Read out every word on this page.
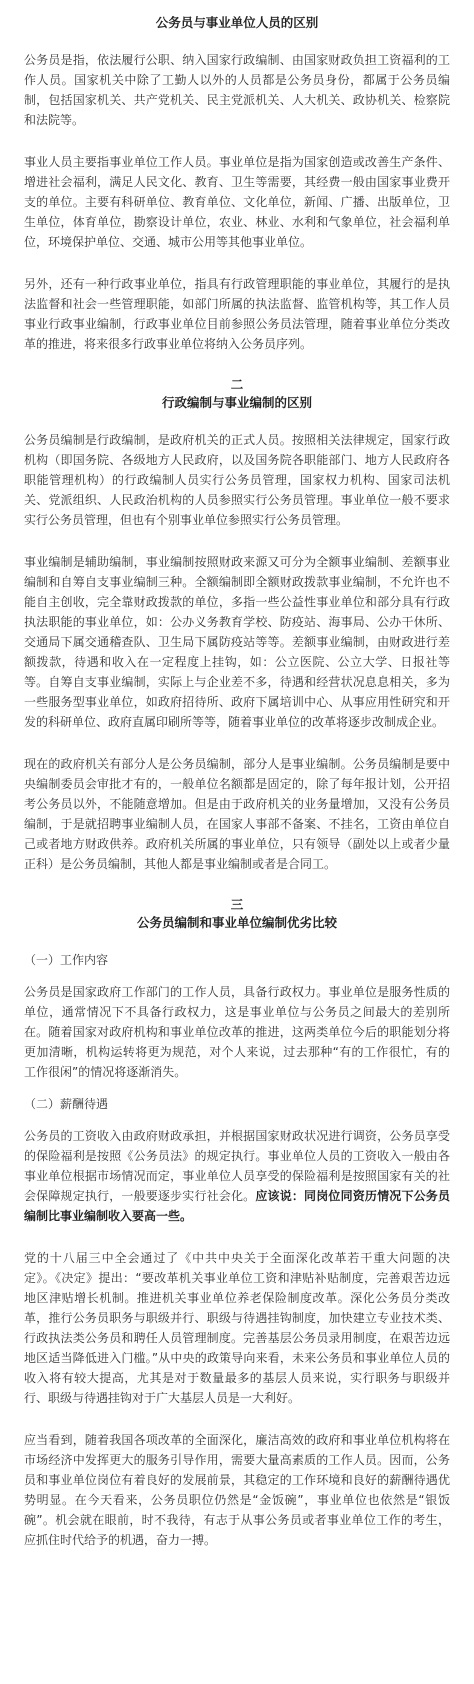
公务员与事业单位人员的区别

公务员是指，依法履行公职、纳入国家行政编制、由国家财政负担工资福利的工作人员。国家机关中除了工勤人以外的人员都是公务员身份，都属于公务员编制，包括国家机关、共产党机关、民主党派机关、人大机关、政协机关、检察院和法院等。

事业人员主要指事业单位工作人员。事业单位是指为国家创造或改善生产条件、增进社会福利，满足人民文化、教育、卫生等需要，其经费一般由国家事业费开支的单位。主要有科研单位、教育单位、文化单位，新闻、广播、出版单位，卫生单位，体育单位，勘察设计单位，农业、林业、水利和气象单位，社会福利单位，环境保护单位、交通、城市公用等其他事业单位。

另外，还有一种行政事业单位，指具有行政管理职能的事业单位，其履行的是执法监督和社会一些管理职能，如部门所属的执法监督、监管机构等，其工作人员事业行政事业编制，行政事业单位目前参照公务员法管理，随着事业单位分类改革的推进，将来很多行政事业单位将纳入公务员序列。

二
行政编制与事业编制的区别

公务员编制是行政编制，是政府机关的正式人员。按照相关法律规定，国家行政机构（即国务院、各级地方人民政府，以及国务院各职能部门、地方人民政府各职能管理机构）的行政编制人员实行公务员管理，国家权力机构、国家司法机关、党派组织、人民政治机构的人员参照实行公务员管理。事业单位一般不要求实行公务员管理，但也有个别事业单位参照实行公务员管理。

事业编制是辅助编制，事业编制按照财政来源又可分为全额事业编制、差额事业编制和自筹自支事业编制三种。全额编制即全额财政拨款事业编制，不允许也不能自主创收，完全靠财政拨款的单位，多指一些公益性事业单位和部分具有行政执法职能的事业单位，如：公办义务教育学校、防疫站、海事局、公办干休所、交通局下属交通稽查队、卫生局下属防疫站等等。差额事业编制，由财政进行差额拨款，待遇和收入在一定程度上挂钩，如：公立医院、公立大学、日报社等等。自筹自支事业编制，实际上与企业差不多，待遇和经营状况息息相关，多为一些服务型事业单位，如政府招待所、政府下属培训中心、从事应用性研究和开发的科研单位、政府直属印刷所等等，随着事业单位的改革将逐步改制成企业。

现在的政府机关有部分人是公务员编制，部分人是事业编制。公务员编制是要中央编制委员会审批才有的，一般单位名额都是固定的，除了每年报计划，公开招考公务员以外，不能随意增加。但是由于政府机关的业务量增加，又没有公务员编制，于是就招聘事业编制人员，在国家人事部不备案、不挂名，工资由单位自己或者地方财政供养。政府机关所属的事业单位，只有领导（副处以上或者少量正科）是公务员编制，其他人都是事业编制或者是合同工。

三
公务员编制和事业单位编制优劣比较
（一）工作内容

公务员是国家政府工作部门的工作人员，具备行政权力。事业单位是服务性质的单位，通常情况下不具备行政权力，这是事业单位与公务员之间最大的差别所在。随着国家对政府机构和事业单位改革的推进，这两类单位今后的职能划分将更加清晰，机构运转将更为规范，对个人来说，过去那种“有的工作很忙，有的工作很闲”的情况将逐渐消失。

（二）薪酬待遇

公务员的工资收入由政府财政承担，并根据国家财政状况进行调资，公务员享受的保险福利是按照《公务员法》的规定执行。事业单位人员的工资收入一般由各事业单位根据市场情况而定，事业单位人员享受的保险福利是按照国家有关的社会保障规定执行，一般要逐步实行社会化。应该说：同岗位同资历情况下公务员编制比事业编制收入要高一些。

党的十八届三中全会通过了《中共中央关于全面深化改革若干重大问题的决定》。《决定》提出：“要改革机关事业单位工资和津贴补贴制度，完善艰苦边远地区津贴增长机制。推进机关事业单位养老保险制度改革。深化公务员分类改革，推行公务员职务与职级并行、职级与待遇挂钩制度，加快建立专业技术类、行政执法类公务员和聘任人员管理制度。完善基层公务员录用制度，在艰苦边远地区适当降低进入门槛。”从中央的政策导向来看，未来公务员和事业单位人员的收入将有较大提高，尤其是对于数量最多的基层人员来说，实行职务与职级并行、职级与待遇挂钩对于广大基层人员是一大利好。

应当看到，随着我国各项改革的全面深化，廉洁高效的政府和事业单位机构将在市场经济中发挥更大的服务引导作用，需要大量高素质的工作人员。因而，公务员和事业单位岗位有着良好的发展前景，其稳定的工作环境和良好的薪酬待遇优势明显。在今天看来，公务员职位仍然是“金饭碗”，事业单位也依然是“银饭碗”。机会就在眼前，时不我待，有志于从事公务员或者事业单位工作的考生，应抓住时代给予的机遇，奋力一搏。
